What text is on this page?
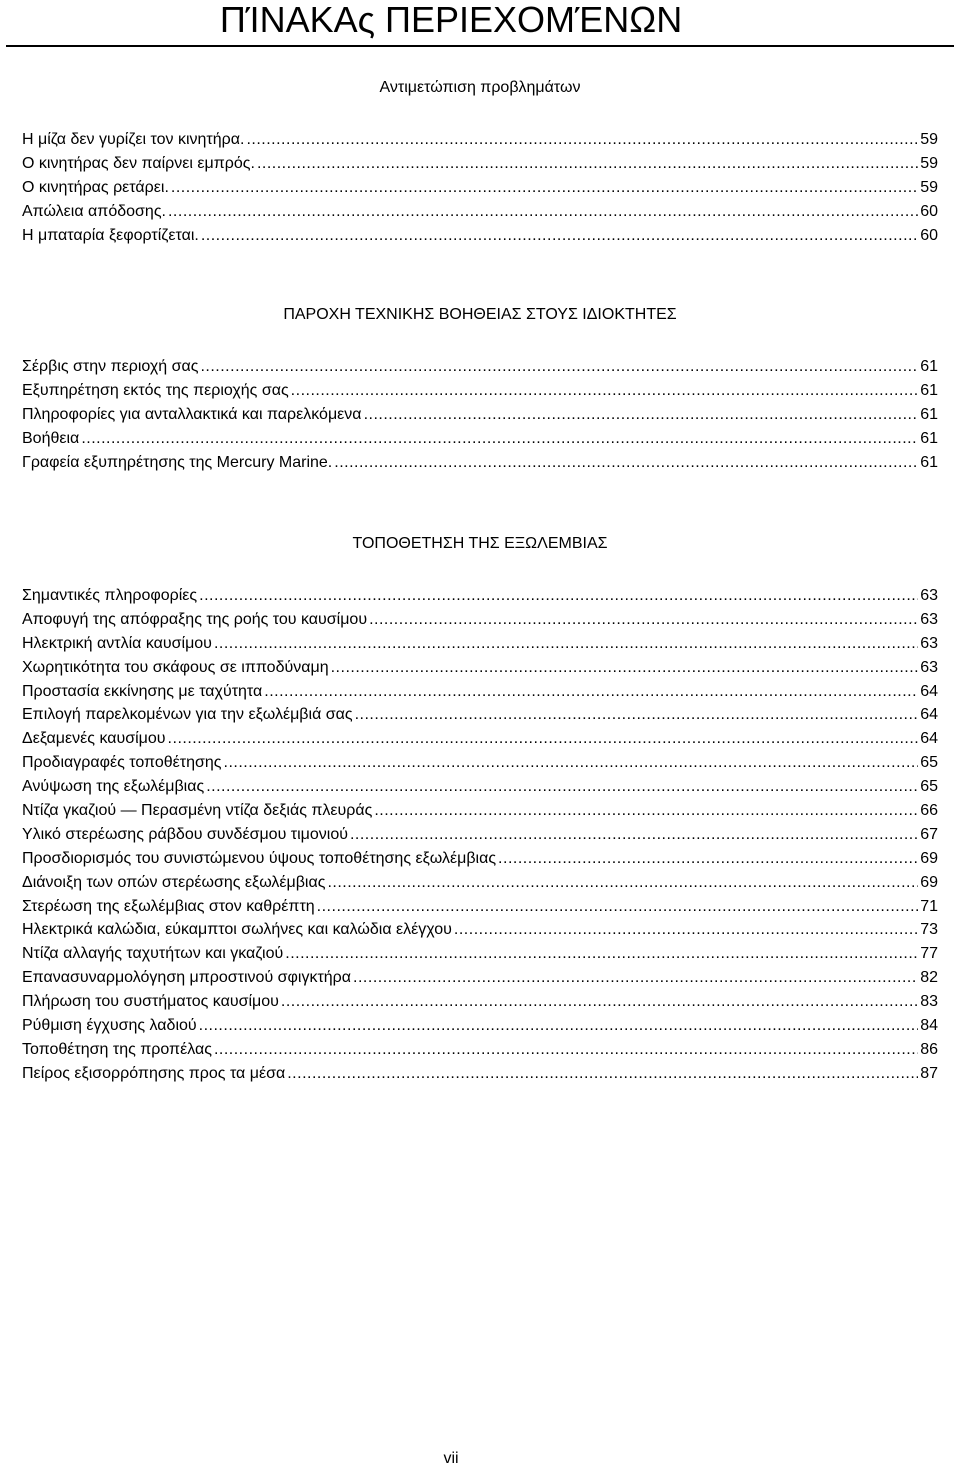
ΠΊΝΑΚΑς ΠΕΡΙΕΧΟΜΈΝΩΝ
Αντιμετώπιση προβλημάτων
Η μίζα δεν γυρίζει τον κινητήρα. .....	59
Ο κινητήρας δεν παίρνει εμπρός. .....	59
Ο κινητήρας ρετάρει. .....	59
Απώλεια απόδοσης. .....	60
Η μπαταρία ξεφορτίζεται. .....	60
ΠΑΡΟΧΗ ΤΕΧΝΙΚΗΣ ΒΟΗΘΕΙΑΣ ΣΤΟΥΣ ΙΔΙΟΚΤΗΤΕΣ
Σέρβις στην περιοχή σας .....	61
Εξυπηρέτηση εκτός της περιοχής σας .....	61
Πληροφορίες για ανταλλακτικά και παρελκόμενα .....	61
Βοήθεια .....	61
Γραφεία εξυπηρέτησης της Mercury Marine. .....	61
ΤΟΠΟΘΕΤΗΣΗ ΤΗΣ ΕΞΩΛΕΜΒΙΑΣ
Σημαντικές πληροφορίες .....	63
Αποφυγή της απόφραξης της ροής του καυσίμου .....	63
Ηλεκτρική αντλία καυσίμου .....	63
Χωρητικότητα του σκάφους σε ιπποδύναμη .....	63
Προστασία εκκίνησης με ταχύτητα .....	64
Επιλογή παρελκομένων για την εξωλέμβιά σας .....	64
Δεξαμενές καυσίμου .....	64
Προδιαγραφές τοποθέτησης .....	65
Ανύψωση της εξωλέμβιας .....	65
Ντίζα γκαζιού — Περασμένη ντίζα δεξιάς πλευράς .....	66
Υλικό στερέωσης ράβδου συνδέσμου τιμονιού .....	67
Προσδιορισμός του συνιστώμενου ύψους τοποθέτησης εξωλέμβιας .....	69
Διάνοιξη των οπών στερέωσης εξωλέμβιας .....	69
Στερέωση της εξωλέμβιας στον καθρέπτη .....	71
Ηλεκτρικά καλώδια, εύκαμπτοι σωλήνες και καλώδια ελέγχου .....	73
Ντίζα αλλαγής ταχυτήτων και γκαζιού .....	77
Επανασυναρμολόγηση μπροστινού σφιγκτήρα .....	82
Πλήρωση του συστήματος καυσίμου .....	83
Ρύθμιση έγχυσης λαδιού .....	84
Τοποθέτηση της προπέλας .....	86
Πείρος εξισορρόπησης προς τα μέσα .....	87
vii
